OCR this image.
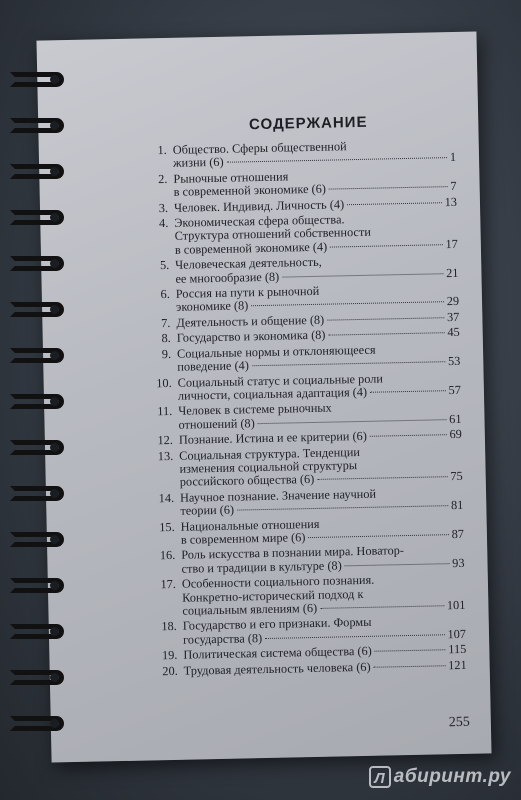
СОДЕРЖАНИЕ
1. Общество. Сферы общественной
жизни (6)	1
2. Рыночные отношения
в современной экономике (6)	7
3. Человек. Индивид. Личность (4)	13
4. Экономическая сфера общества.
Структура отношений собственности
в современной экономике (4)	17
5. Человеческая деятельность,
ее многообразие (8)	21
6. Россия на пути к рыночной
экономике (8)	29
7. Деятельность и общение (8)	37
8. Государство и экономика (8)	45
9. Социальные нормы и отклоняющееся
поведение (4)	53
10. Социальный статус и социальные роли
личности, социальная адаптация (4)	57
11. Человек в системе рыночных
отношений (8)	61
12. Познание. Истина и ее критерии (6)	69
13. Социальная структура. Тенденции
изменения социальной структуры
российского общества (6)	75
14. Научное познание. Значение научной
теории (6)	81
15. Национальные отношения
в современном мире (6)	87
16. Роль искусства в познании мира. Новатор-
ство и традиции в культуре (8)	93
17. Особенности социального познания.
Конкретно-исторический подход к
социальным явлениям (6)	101
18. Государство и его признаки. Формы
государства (8)	107
19. Политическая система общества (6)	115
20. Трудовая деятельность человека (6)	121
255
Л абиринт.ру
